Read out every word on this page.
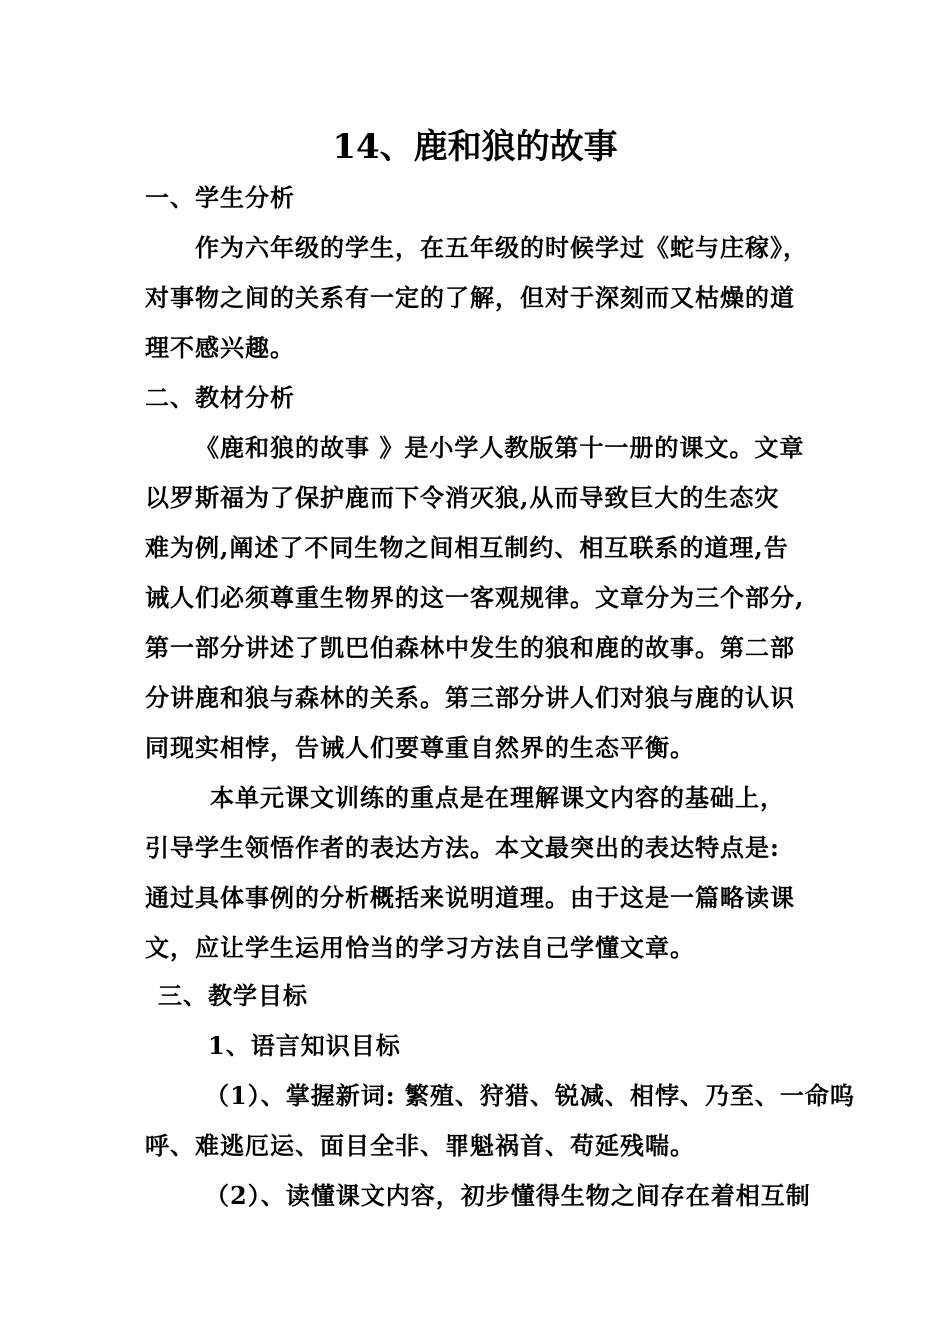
14、鹿和狼的故事
一、学生分析
作为六年级的学生，在五年级的时候学过《蛇与庄稼》，
对事物之间的关系有一定的了解，但对于深刻而又枯燥的道
理不感兴趣。
二、教材分析
《鹿和狼的故事 》是小学人教版第十一册的课文。文章
以罗斯福为了保护鹿而下令消灭狼,从而导致巨大的生态灾
难为例,阐述了不同生物之间相互制约、相互联系的道理,告
诫人们必须尊重生物界的这一客观规律。文章分为三个部分,
第一部分讲述了凯巴伯森林中发生的狼和鹿的故事。第二部
分讲鹿和狼与森林的关系。第三部分讲人们对狼与鹿的认识
同现实相悖，告诫人们要尊重自然界的生态平衡。
本单元课文训练的重点是在理解课文内容的基础上，
引导学生领悟作者的表达方法。本文最突出的表达特点是:
通过具体事例的分析概括来说明道理。由于这是一篇略读课
文，应让学生运用恰当的学习方法自己学懂文章。
三、教学目标
1、语言知识目标
（1）、掌握新词: 繁殖、狩猎、锐减、相悖、乃至、一命呜
呼、难逃厄运、面目全非、罪魁祸首、苟延残喘。
（2）、读懂课文内容，初步懂得生物之间存在着相互制
